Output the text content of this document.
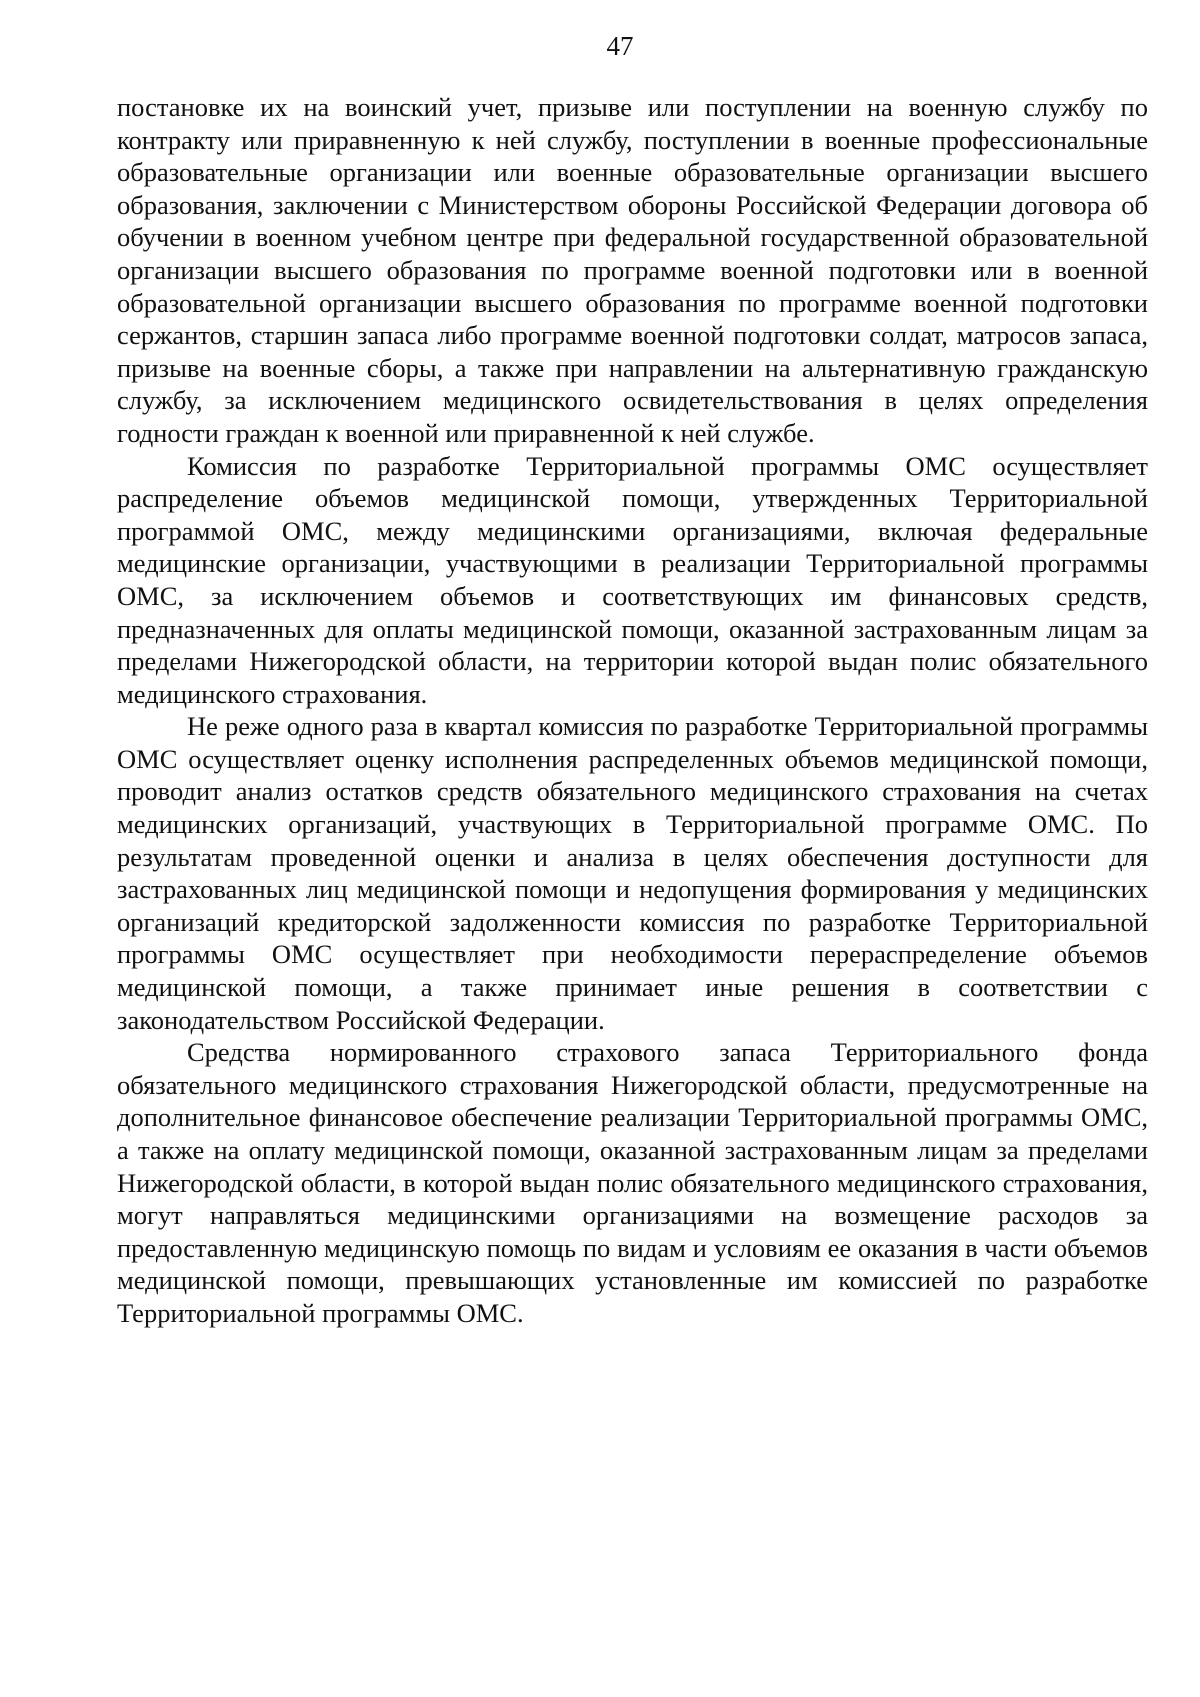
47

постановке их на воинский учет, призыве или поступлении на военную службу по контракту или приравненную к ней службу, поступлении в военные профессиональные образовательные организации или военные образовательные организации высшего образования, заключении с Министерством обороны Российской Федерации договора об обучении в военном учебном центре при федеральной государственной образовательной организации высшего образования по программе военной подготовки или в военной образовательной организации высшего образования по программе военной подготовки сержантов, старшин запаса либо программе военной подготовки солдат, матросов запаса, призыве на военные сборы, а также при направлении на альтернативную гражданскую службу, за исключением медицинского освидетельствования в целях определения годности граждан к военной или приравненной к ней службе.

Комиссия по разработке Территориальной программы ОМС осуществляет распределение объемов медицинской помощи, утвержденных Территориальной программой ОМС, между медицинскими организациями, включая федеральные медицинские организации, участвующими в реализации Территориальной программы ОМС, за исключением объемов и соответствующих им финансовых средств, предназначенных для оплаты медицинской помощи, оказанной застрахованным лицам за пределами Нижегородской области, на территории которой выдан полис обязательного медицинского страхования.

Не реже одного раза в квартал комиссия по разработке Территориальной программы ОМС осуществляет оценку исполнения распределенных объемов медицинской помощи, проводит анализ остатков средств обязательного медицинского страхования на счетах медицинских организаций, участвующих в Территориальной программе ОМС. По результатам проведенной оценки и анализа в целях обеспечения доступности для застрахованных лиц медицинской помощи и недопущения формирования у медицинских организаций кредиторской задолженности комиссия по разработке Территориальной программы ОМС осуществляет при необходимости перераспределение объемов медицинской помощи, а также принимает иные решения в соответствии с законодательством Российской Федерации.

Средства нормированного страхового запаса Территориального фонда обязательного медицинского страхования Нижегородской области, предусмотренные на дополнительное финансовое обеспечение реализации Территориальной программы ОМС, а также на оплату медицинской помощи, оказанной застрахованным лицам за пределами Нижегородской области, в которой выдан полис обязательного медицинского страхования, могут направляться медицинскими организациями на возмещение расходов за предоставленную медицинскую помощь по видам и условиям ее оказания в части объемов медицинской помощи, превышающих установленные им комиссией по разработке Территориальной программы ОМС.
